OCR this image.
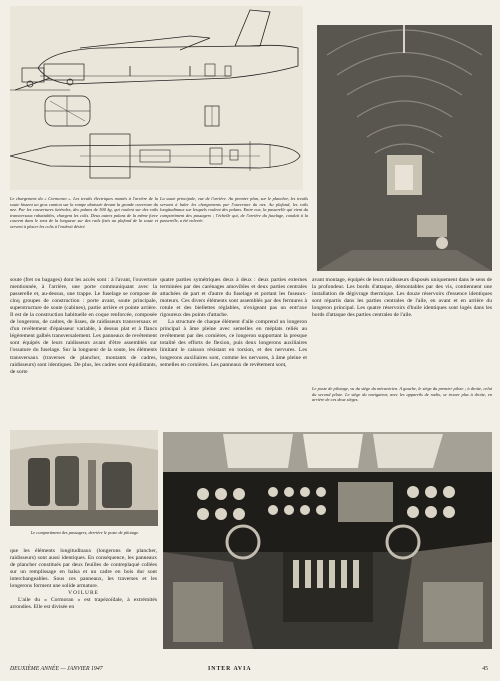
Le chargement du « Cormoran ». Les treuils électriques montés à l'arrière de la soute hissent un gros camion sur la rampe abaissée devant la grande ouverture du nez. Par les couvertures latérales, des palans de 500 kg, qui roulent sur des rails transversaux rabattables, chargent les colis. Deux autres palans de la même force courent dans le sens de la longueur sur des rails fixés au plafond de la soute et servent à placer les colis à l'endroit désiré.
La soute principale, vue de l'arrière. Au premier plan, sur le plancher, les treuils servant à haler les chargements par l'ouverture du nez. Au plafond, les rails longitudinaux sur lesquels roulent des palans. Entre eux, la passerelle qui vient du compartiment des passagers ; l'échelle qui, de l'arrière du fuselage, conduit à la passerelle, a été enlevée.

soute (fret ou bagages) dont les accès sont : à l'avant, l'ouverture mentionnée, à l'arrière, une porte communiquant avec la passerelle et, au-dessus, une trappe. Le fuselage se compose de cinq groupes de construction : porte avant, soute principale, superstructure de soute (cabines), partie arrière et pointe arrière. Il est de la construction habituelle en coque renforcée, composée de longerons, de cadres, de lisses, de raidisseurs transversaux et d'un revêtement d'épaisseur variable, à dessus plat et à flancs légèrement galbés transversalement. Les panneaux de revêtement sont équipés de leurs raidisseurs avant d'être assemblés sur l'ossature du fuselage. Sur la longueur de la soute, les éléments transversaux (traverses de plancher, montants de cadres, raidisseurs) sont identiques. De plus, les cadres sont équidistants, de sorte

quatre parties symétriques deux à deux : deux parties externes terminées par des carénages amovibles et deux parties centrales attachées de part et d'autre du fuselage et portant les fuseaux-moteurs. Ces divers éléments sont assemblés par des fermures à rotule et des biellettes réglables, n'exigeant pas un entr'axe rigoureux des points d'attache.

La structure de chaque élément d'aile comprend un longeron principal à âme pleine avec semelles en méplats reliés au revêtement par des cornières, ce longeron supportant la presque totalité des efforts de flexion, puis deux longerons auxiliaires limitant le caisson résistant en torsion, et des nervures. Les longerons auxiliaires sont, comme les nervures, à âme pleine et semelles en cornières. Les panneaux de revêtement sont,

avant montage, équipés de leurs raidisseurs disposés uniquement dans le sens de la profondeur. Les bords d'attaque, démontables par des vis, contiennent une installation de dégivrage thermique. Les douze réservoirs d'essence identiques sont répartis dans les parties centrales de l'aile, en avant et en arrière du longeron principal. Les quatre réservoirs d'huile identiques sont logés dans les bords d'attaque des parties centrales de l'aile.

Le poste de pilotage, vu du siège du mécanicien. A gauche, le siège du premier pilote ; à droite, celui du second pilote. Le siège du navigateur, avec les appareils de radio, se trouve plus à droite, en arrière de ces deux sièges.
Le compartiment des passagers, derrière le poste de pilotage.

que les éléments longitudinaux (longerons de plancher, raidisseurs) sont aussi identiques. En conséquence, les panneaux de plancher constitués par deux feuilles de contreplaqué collées sur un remplissage en balsa et un cadre en bois dur sont interchangeables. Sous ces panneaux, les traverses et les longerons forment une solide armature.

VOILURE

L'aile du « Cormoran » est trapézoïdale, à extrémités arrondies. Elle est divisée en

DEUXIÈME ANNÉE — JANVIER 1947	INTER AVIA	45
